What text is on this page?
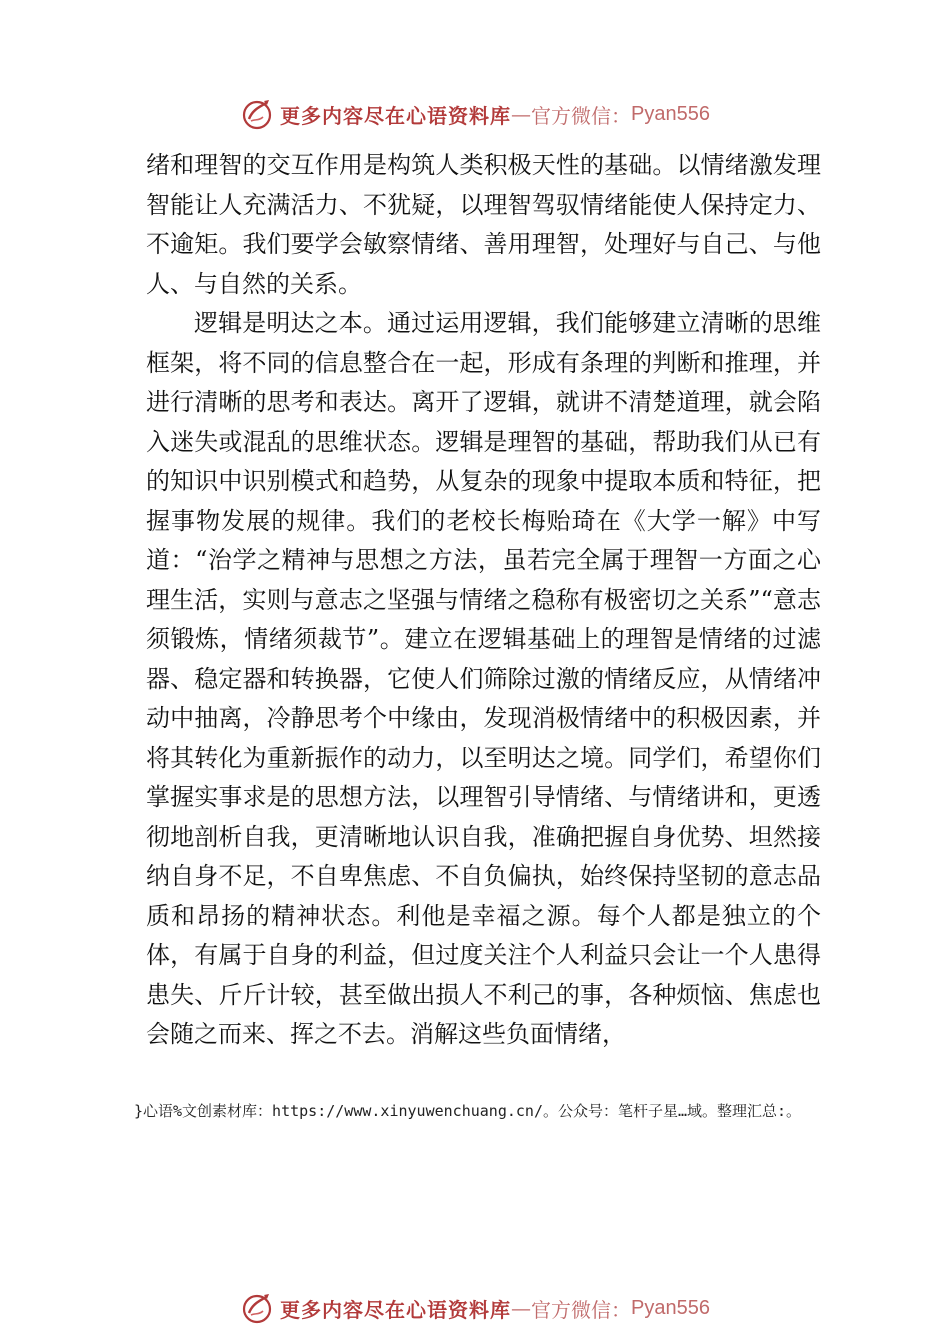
更多内容尽在心语资料库 — 官方微信： Pyan556

绪和理智的交互作用是构筑人类积极天性的基础。以情绪激发理智能让人充满活力、不犹疑，以理智驾驭情绪能使人保持定力、不逾矩。我们要学会敏察情绪、善用理智，处理好与自己、与他人、与自然的关系。

逻辑是明达之本。通过运用逻辑，我们能够建立清晰的思维框架，将不同的信息整合在一起，形成有条理的判断和推理，并进行清晰的思考和表达。离开了逻辑，就讲不清楚道理，就会陷入迷失或混乱的思维状态。逻辑是理智的基础，帮助我们从已有的知识中识别模式和趋势，从复杂的现象中提取本质和特征，把握事物发展的规律。我们的老校长梅贻琦在《大学一解》中写道：“治学之精神与思想之方法，虽若完全属于理智一方面之心理生活，实则与意志之坚强与情绪之稳称有极密切之关系”“意志须锻炼，情绪须裁节”。建立在逻辑基础上的理智是情绪的过滤器、稳定器和转换器，它使人们筛除过激的情绪反应，从情绪冲动中抽离，冷静思考个中缘由，发现消极情绪中的积极因素，并将其转化为重新振作的动力，以至明达之境。同学们，希望你们掌握实事求是的思想方法，以理智引导情绪、与情绪讲和，更透彻地剖析自我，更清晰地认识自我，准确把握自身优势、坦然接纳自身不足，不自卑焦虑、不自负偏执，始终保持坚韧的意志品质和昂扬的精神状态。利他是幸福之源。每个人都是独立的个体，有属于自身的利益，但过度关注个人利益只会让一个人患得患失、斤斤计较，甚至做出损人不利己的事，各种烦恼、焦虑也会随之而来、挥之不去。消解这些负面情绪，

}心语%文创素材库：https://www.xinyuwenchuang.cn/。公众号：笔杆子星…域。整理汇总:。
更多内容尽在心语资料库 — 官方微信： Pyan556
